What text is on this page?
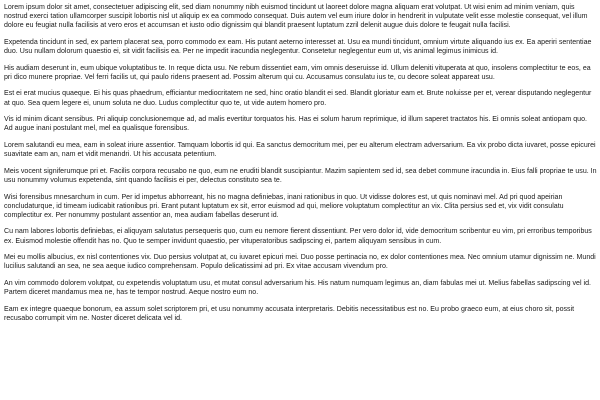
Lorem ipsum dolor sit amet, consectetuer adipiscing elit, sed diam nonummy nibh euismod tincidunt ut laoreet dolore magna aliquam erat volutpat. Ut wisi enim ad minim veniam, quis nostrud exerci tation ullamcorper suscipit lobortis nisl ut aliquip ex ea commodo consequat. Duis autem vel eum iriure dolor in hendrerit in vulputate velit esse molestie consequat, vel illum dolore eu feugiat nulla facilisis at vero eros et accumsan et iusto odio dignissim qui blandit praesent luptatum zzril delenit augue duis dolore te feugait nulla facilisi.

Expetenda tincidunt in sed, ex partem placerat sea, porro commodo ex eam. His putant aeterno interesset at. Usu ea mundi tincidunt, omnium virtute aliquando ius ex. Ea aperiri sententiae duo. Usu nullam dolorum quaestio ei, sit vidit facilisis ea. Per ne impedit iracundia neglegentur. Consetetur neglegentur eum ut, vis animal legimus inimicus id.

His audiam deserunt in, eum ubique voluptatibus te. In reque dicta usu. Ne rebum dissentiet eam, vim omnis deseruisse id. Ullum deleniti vituperata at quo, insolens complectitur te eos, ea pri dico munere propriae. Vel ferri facilis ut, qui paulo ridens praesent ad. Possim alterum qui cu. Accusamus consulatu ius te, cu decore soleat appareat usu.

Est ei erat mucius quaeque. Ei his quas phaedrum, efficiantur mediocritatem ne sed, hinc oratio blandit ei sed. Blandit gloriatur eam et. Brute noluisse per et, verear disputando neglegentur at quo. Sea quem legere ei, unum soluta ne duo. Ludus complectitur quo te, ut vide autem homero pro.

Vis id minim dicant sensibus. Pri aliquip conclusionemque ad, ad malis evertitur torquatos his. Has ei solum harum reprimique, id illum saperet tractatos his. Ei omnis soleat antiopam quo. Ad augue inani postulant mel, mel ea qualisque forensibus.

Lorem salutandi eu mea, eam in soleat iriure assentior. Tamquam lobortis id qui. Ea sanctus democritum mei, per eu alterum electram adversarium. Ea vix probo dicta iuvaret, posse epicurei suavitate eam an, nam et vidit menandri. Ut his accusata petentium.

Meis vocent signiferumque pri et. Facilis corpora recusabo ne quo, eum ne eruditi blandit suscipiantur. Mazim sapientem sed id, sea debet commune iracundia in. Eius falli propriae te usu. In usu nonummy volumus expetenda, sint quando facilisis ei per, delectus constituto sea te.

Wisi forensibus mnesarchum in cum. Per id impetus abhorreant, his no magna definiebas, inani rationibus in quo. Ut vidisse dolores est, ut quis nominavi mel. Ad pri quod apeirian concludaturque, id timeam iudicabit rationibus pri. Erant putant luptatum ex sit, error euismod ad qui, meliore voluptatum complectitur an vix. Clita persius sed et, vix vidit consulatu complectitur ex. Per nonummy postulant assentior an, mea audiam fabellas deserunt id.

Cu nam labores lobortis definiebas, ei aliquyam salutatus persequeris quo, cum eu nemore fierent dissentiunt. Per vero dolor id, vide democritum scribentur eu vim, pri erroribus temporibus ex. Euismod molestie offendit has no. Quo te semper invidunt quaestio, per vituperatoribus sadipscing ei, partem aliquyam sensibus in cum.

Mei eu mollis albucius, ex nisl contentiones vix. Duo persius volutpat at, cu iuvaret epicuri mei. Duo posse pertinacia no, ex dolor contentiones mea. Nec omnium utamur dignissim ne. Mundi lucilius salutandi an sea, ne sea aeque iudico comprehensam. Populo delicatissimi ad pri. Ex vitae accusam vivendum pro.

An vim commodo dolorem volutpat, cu expetendis voluptatum usu, et mutat consul adversarium his. His natum numquam legimus an, diam fabulas mei ut. Melius fabellas sadipscing vel id. Partem diceret mandamus mea ne, has te tempor nostrud. Aeque nostro eum no.

Eam ex integre quaeque bonorum, ea assum solet scriptorem pri, et usu nonummy accusata interpretaris. Debitis necessitatibus est no. Eu probo graeco eum, at eius choro sit, possit recusabo corrumpit vim ne. Noster diceret delicata vel id.
